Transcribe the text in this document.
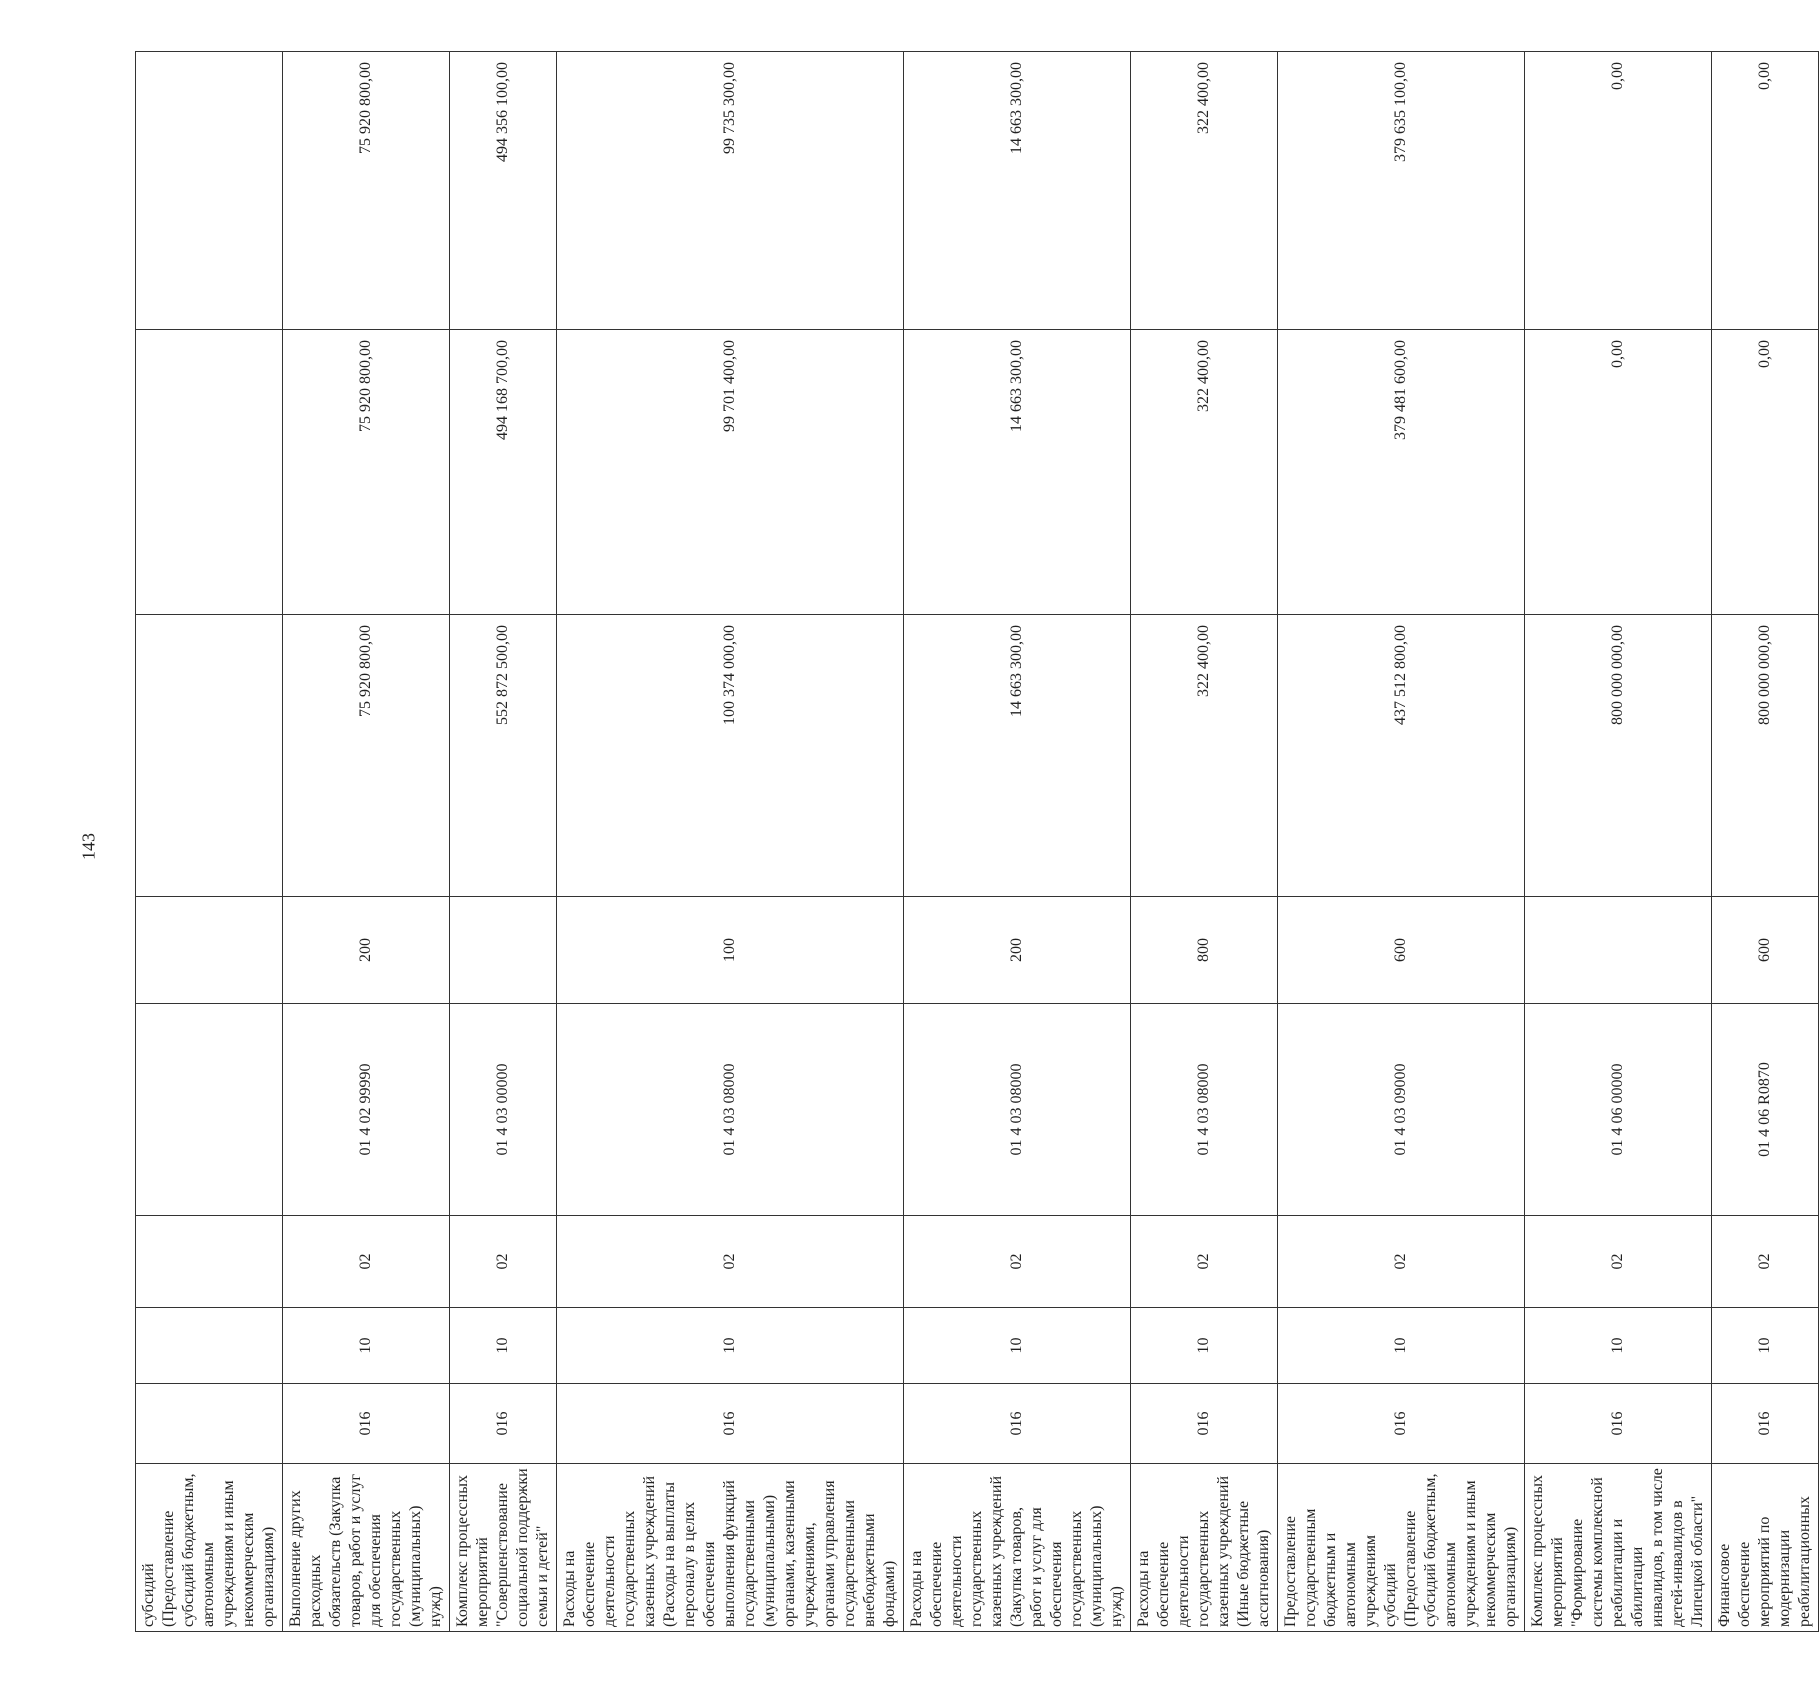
143
субсидий (Предоставление субсидий бюджетным, автономным учреждениям и иным некоммерческим организациям)								
Выполнение других расходных обязательств (Закупка товаров, работ и услуг для обеспечения государственных (муниципальных) нужд)	016	10	02	01 4 02 99990	200	75 920 800,00	75 920 800,00	75 920 800,00
Комплекс процессных мероприятий "Совершенствование социальной поддержки семьи и детей"	016	10	02	01 4 03 00000		552 872 500,00	494 168 700,00	494 356 100,00
Расходы на обеспечение деятельности государственных казенных учреждений (Расходы на выплаты персоналу в целях обеспечения выполнения функций государственными (муниципальными) органами, казенными учреждениями, органами управления государственными внебюджетными фондами)	016	10	02	01 4 03 08000	100	100 374 000,00	99 701 400,00	99 735 300,00
Расходы на обеспечение деятельности государственных казенных учреждений (Закупка товаров, работ и услуг для обеспечения государственных (муниципальных) нужд)	016	10	02	01 4 03 08000	200	14 663 300,00	14 663 300,00	14 663 300,00
Расходы на обеспечение деятельности государственных казенных учреждений (Иные бюджетные ассигнования)	016	10	02	01 4 03 08000	800	322 400,00	322 400,00	322 400,00
Предоставление государственным бюджетным и автономным учреждениям субсидий (Предоставление субсидий бюджетным, автономным учреждениям и иным некоммерческим организациям)	016	10	02	01 4 03 09000	600	437 512 800,00	379 481 600,00	379 635 100,00
Комплекс процессных мероприятий "Формирование системы комплексной реабилитации и абилитации инвалидов, в том числе детей-инвалидов в Липецкой области"	016	10	02	01 4 06 00000		800 000 000,00	0,00	0,00
Финансовое обеспечение мероприятий по модернизации реабилитационных	016	10	02	01 4 06 R0870	600	800 000 000,00	0,00	0,00
